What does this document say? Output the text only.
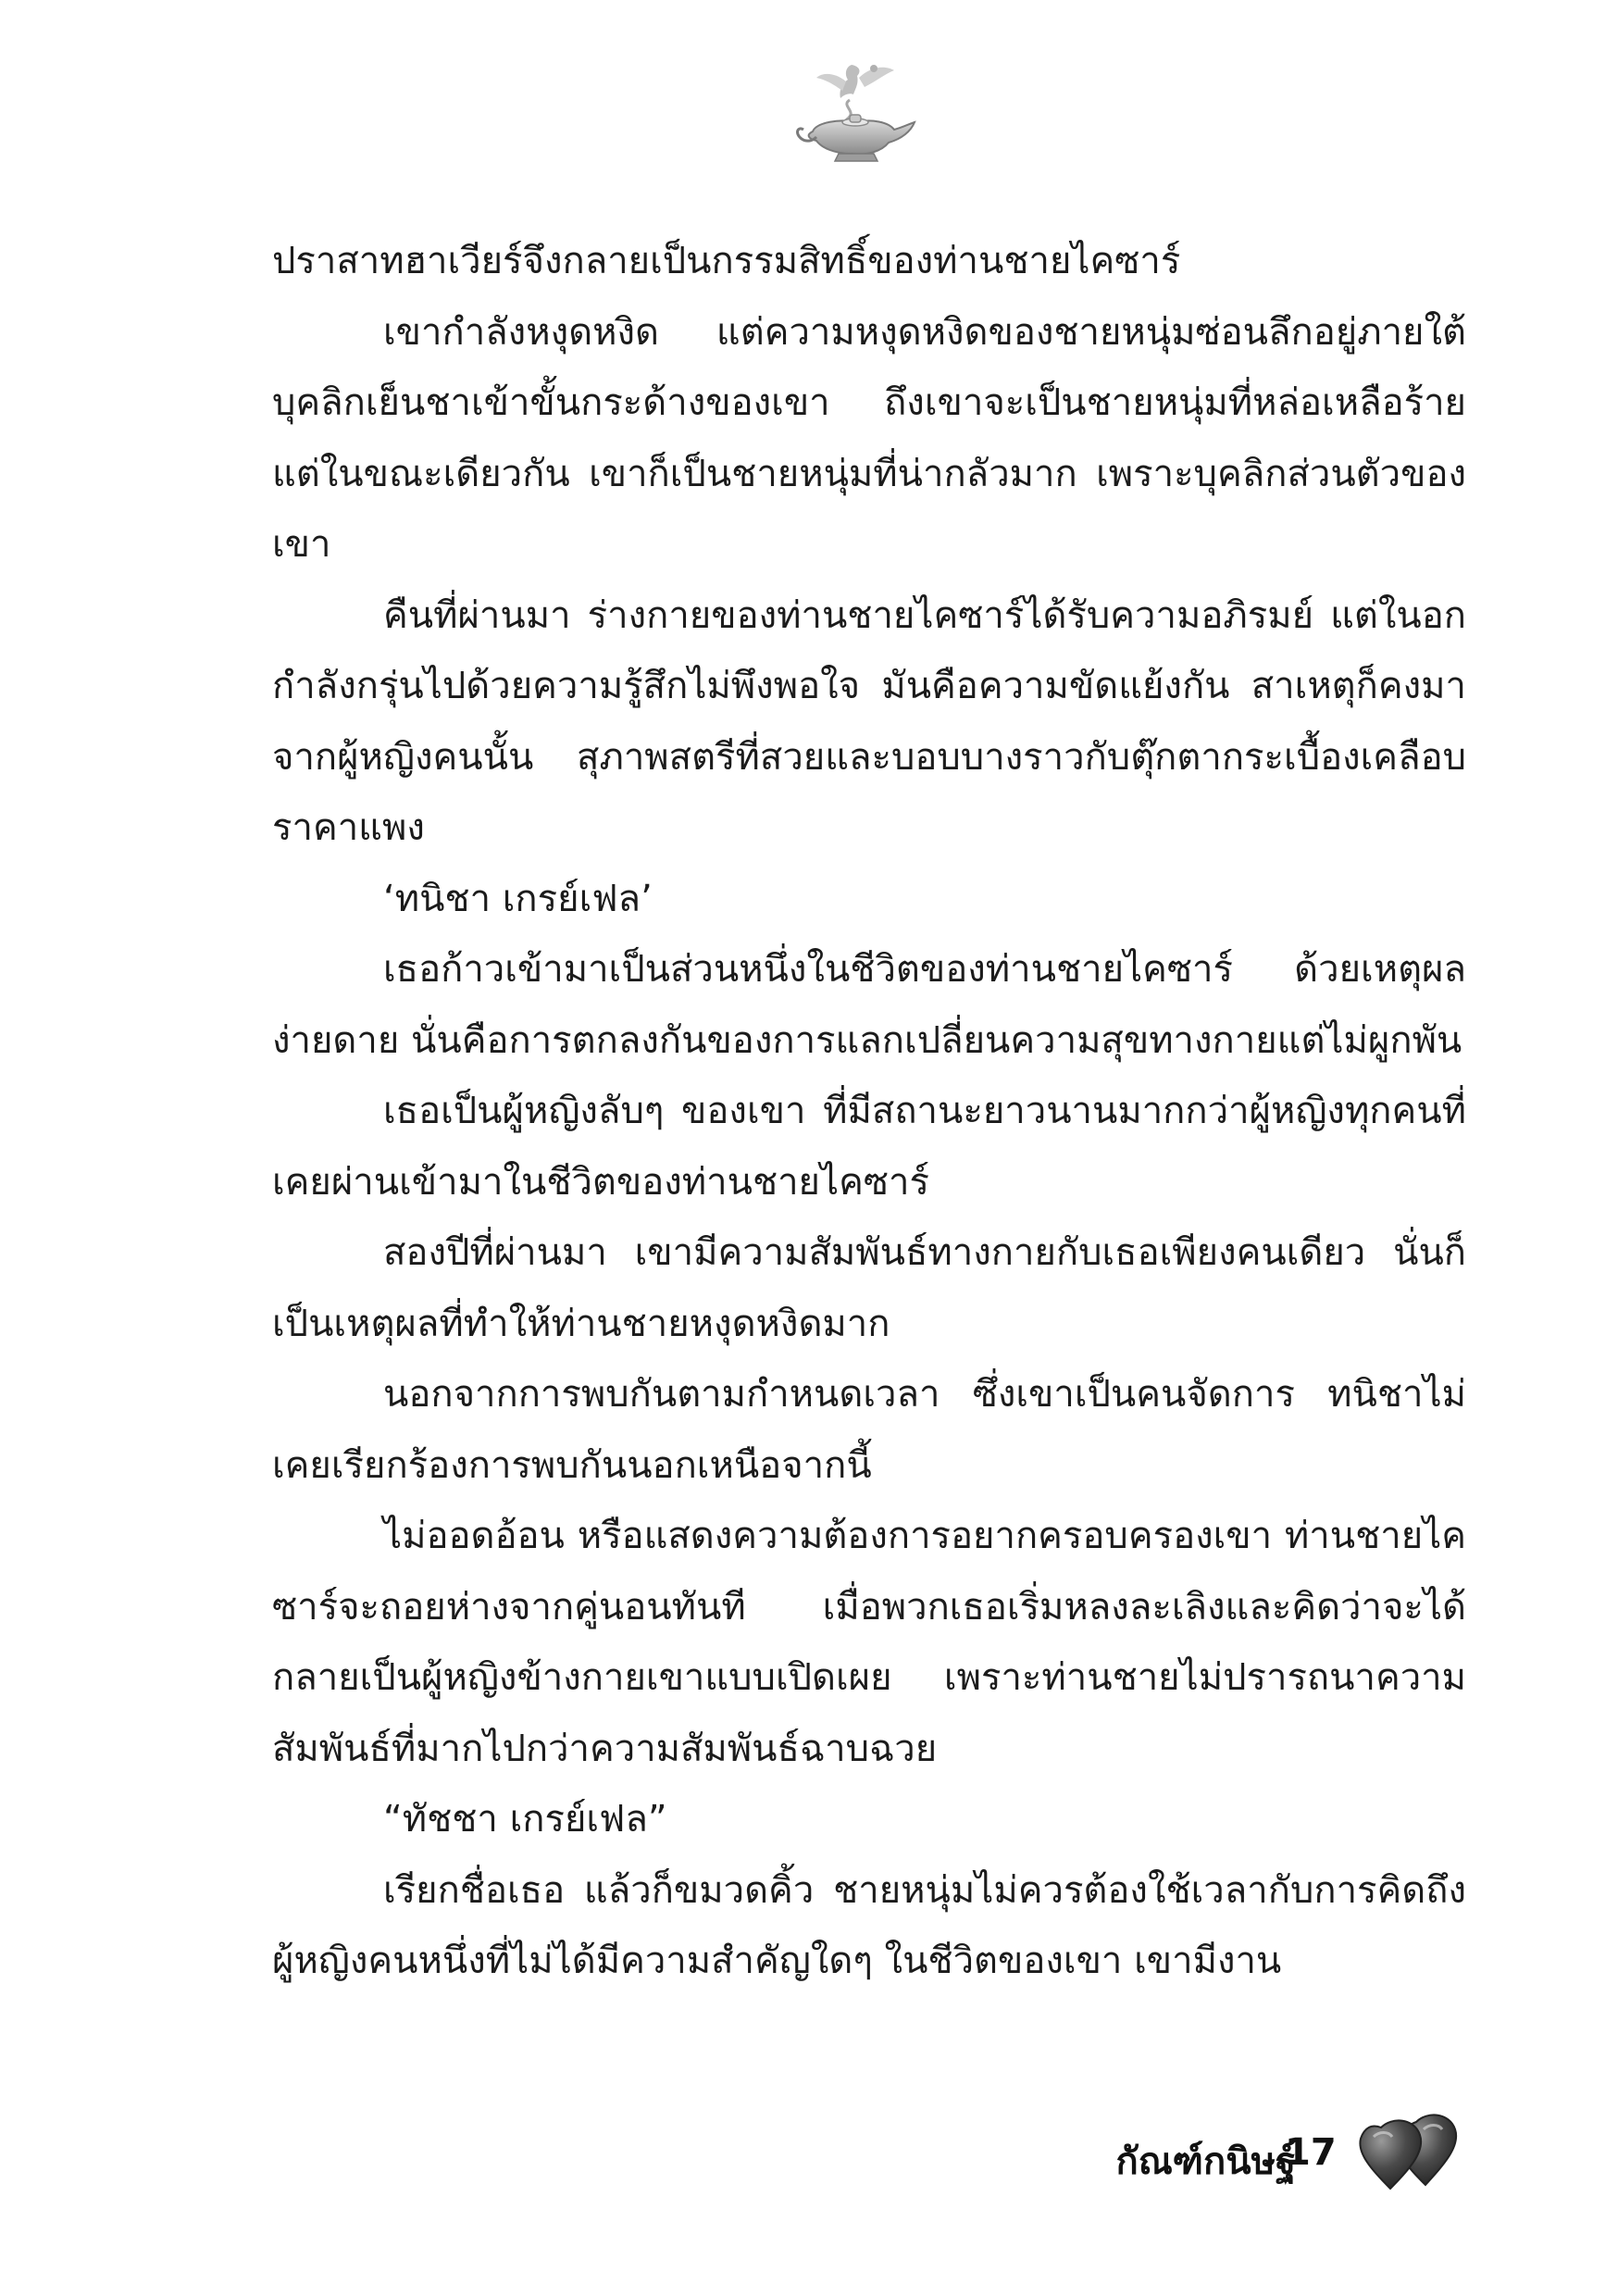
ปราสาทฮาเวียร์จึงกลายเป็นกรรมสิทธิ์ของท่านชายไคซาร์

เขากำลังหงุดหงิด แต่ความหงุดหงิดของชายหนุ่มซ่อนลึกอยู่ภายใต้บุคลิกเย็นชาเข้าขั้นกระด้างของเขา ถึงเขาจะเป็นชายหนุ่มที่หล่อเหลือร้าย แต่ในขณะเดียวกัน เขาก็เป็นชายหนุ่มที่น่ากลัวมาก เพราะบุคลิกส่วนตัวของเขา

คืนที่ผ่านมา ร่างกายของท่านชายไคซาร์ได้รับความอภิรมย์ แต่ในอกกำลังกรุ่นไปด้วยความรู้สึกไม่พึงพอใจ มันคือความขัดแย้งกัน สาเหตุก็คงมาจากผู้หญิงคนนั้น สุภาพสตรีที่สวยและบอบบางราวกับตุ๊กตากระเบื้องเคลือบราคาแพง

‘ทนิชา เกรย์เฟล’

เธอก้าวเข้ามาเป็นส่วนหนึ่งในชีวิตของท่านชายไคซาร์ ด้วยเหตุผลง่ายดาย นั่นคือการตกลงกันของการแลกเปลี่ยนความสุขทางกายแต่ไม่ผูกพัน

เธอเป็นผู้หญิงลับๆ ของเขา ที่มีสถานะยาวนานมากกว่าผู้หญิงทุกคนที่เคยผ่านเข้ามาในชีวิตของท่านชายไคซาร์

สองปีที่ผ่านมา เขามีความสัมพันธ์ทางกายกับเธอเพียงคนเดียว นั่นก็เป็นเหตุผลที่ทำให้ท่านชายหงุดหงิดมาก

นอกจากการพบกันตามกำหนดเวลา ซึ่งเขาเป็นคนจัดการ ทนิชาไม่เคยเรียกร้องการพบกันนอกเหนือจากนี้

ไม่ออดอ้อน หรือแสดงความต้องการอยากครอบครองเขา ท่านชายไคซาร์จะถอยห่างจากคู่นอนทันที เมื่อพวกเธอเริ่มหลงละเลิงและคิดว่าจะได้กลายเป็นผู้หญิงข้างกายเขาแบบเปิดเผย เพราะท่านชายไม่ปรารถนาความสัมพันธ์ที่มากไปกว่าความสัมพันธ์ฉาบฉวย

“ทัชชา เกรย์เฟล”

เรียกชื่อเธอ แล้วก็ขมวดคิ้ว ชายหนุ่มไม่ควรต้องใช้เวลากับการคิดถึงผู้หญิงคนหนึ่งที่ไม่ได้มีความสำคัญใดๆ ในชีวิตของเขา เขามีงาน

กัณฑ์กนิษฐ์
17
